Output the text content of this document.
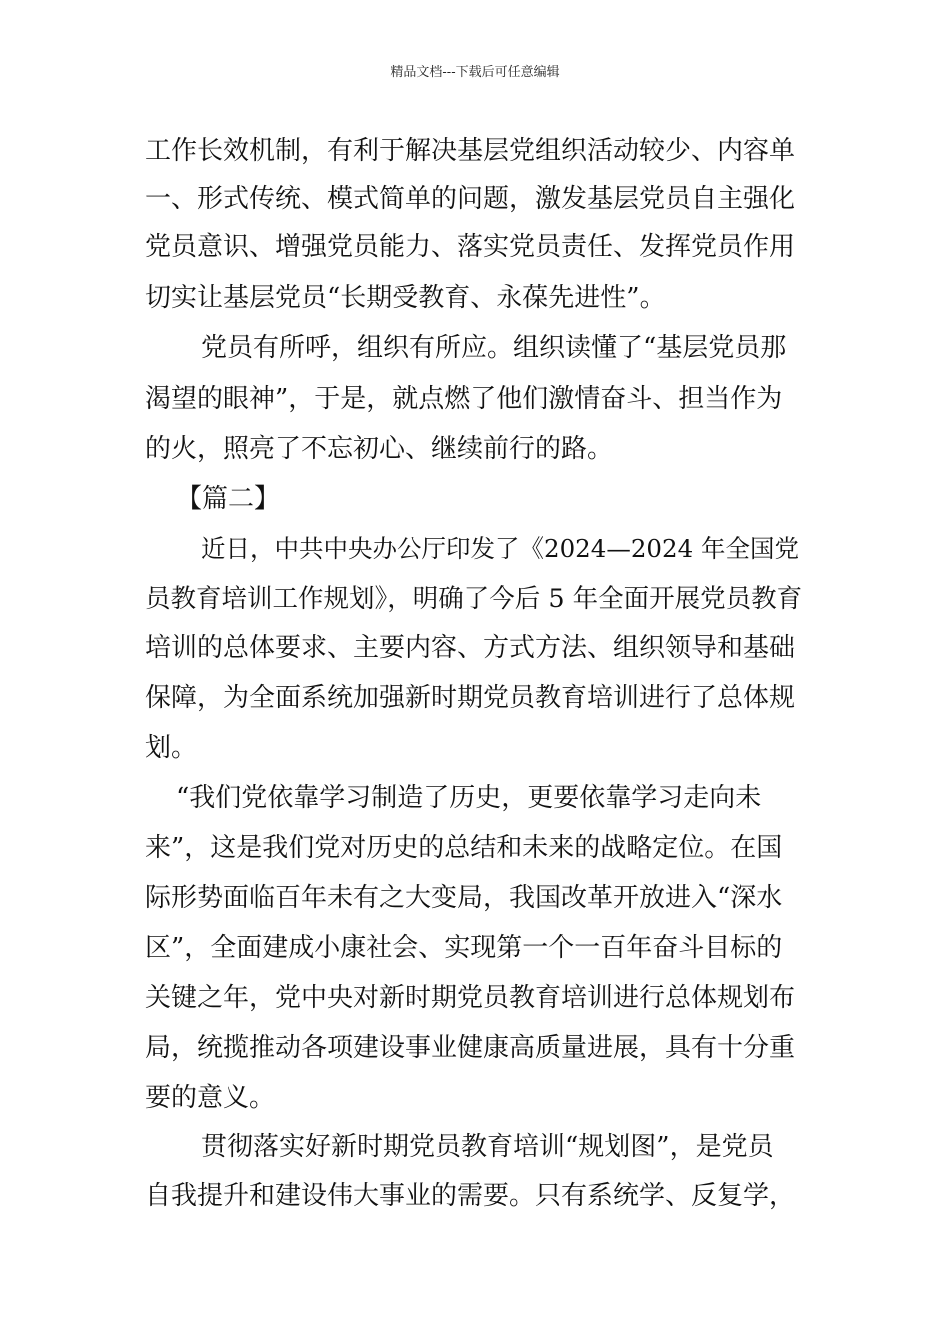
精品文档---下载后可任意编辑
工作长效机制，有利于解决基层党组织活动较少、内容单
一、形式传统、模式简单的问题，激发基层党员自主强化
党员意识、增强党员能力、落实党员责任、发挥党员作用
切实让基层党员“长期受教育、永葆先进性”。
党员有所呼，组织有所应。组织读懂了“基层党员那
渴望的眼神”，于是，就点燃了他们激情奋斗、担当作为
的火，照亮了不忘初心、继续前行的路。
【篇二】
近日，中共中央办公厅印发了《2024—2024 年全国党
员教育培训工作规划》，明确了今后 5 年全面开展党员教育
培训的总体要求、主要内容、方式方法、组织领导和基础
保障，为全面系统加强新时期党员教育培训进行了总体规
划。
“我们党依靠学习制造了历史，更要依靠学习走向未
来”，这是我们党对历史的总结和未来的战略定位。在国
际形势面临百年未有之大变局，我国改革开放进入“深水
区”，全面建成小康社会、实现第一个一百年奋斗目标的
关键之年，党中央对新时期党员教育培训进行总体规划布
局，统揽推动各项建设事业健康高质量进展，具有十分重
要的意义。
贯彻落实好新时期党员教育培训“规划图”，是党员
自我提升和建设伟大事业的需要。只有系统学、反复学，
